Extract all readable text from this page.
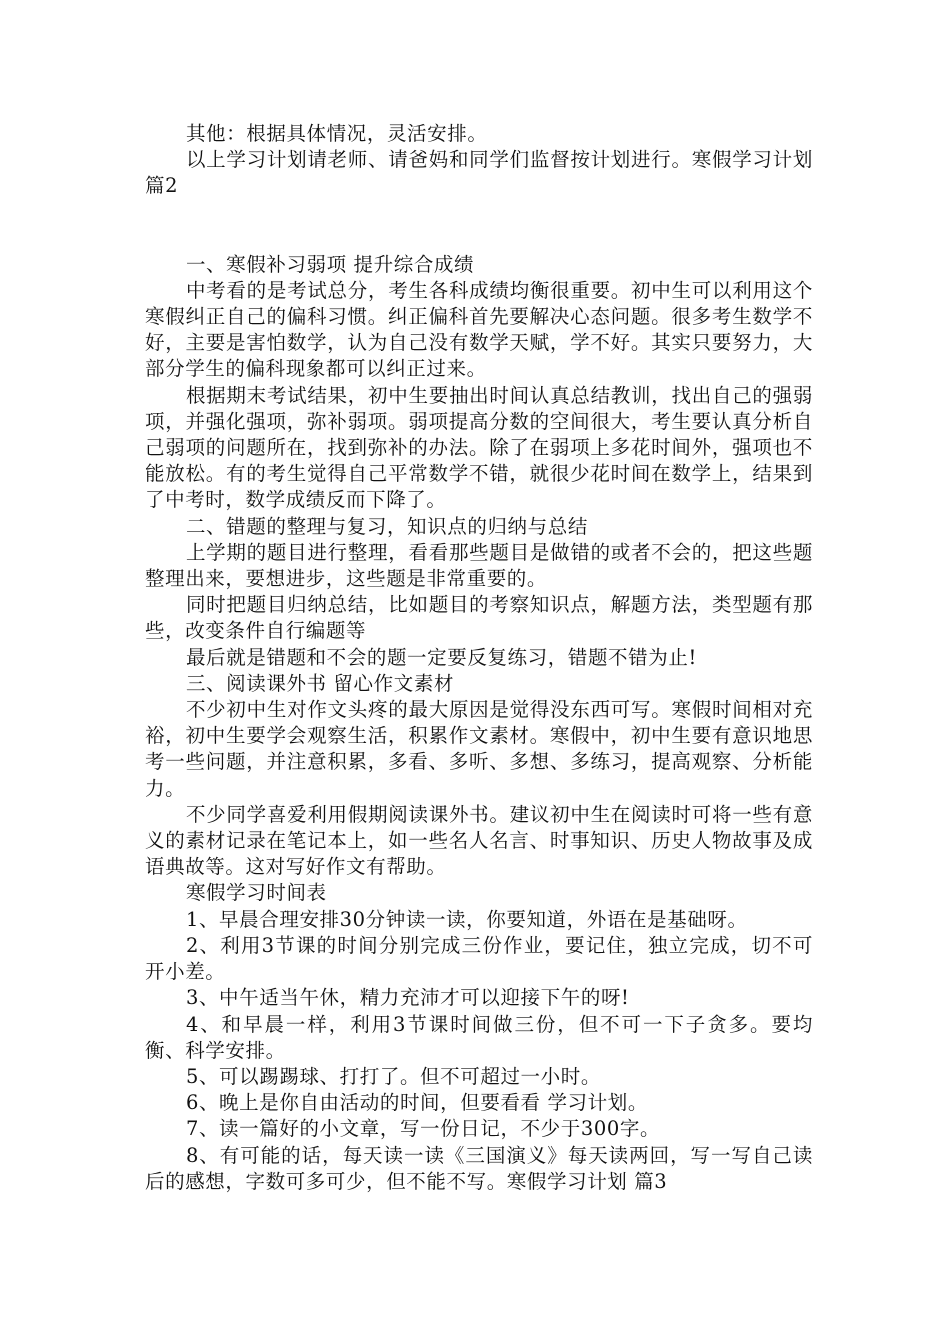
其他：根据具体情况，灵活安排。

以上学习计划请老师、请爸妈和同学们监督按计划进行。寒假学习计划 篇2

一、寒假补习弱项 提升综合成绩

中考看的是考试总分，考生各科成绩均衡很重要。初中生可以利用这个寒假纠正自己的偏科习惯。纠正偏科首先要解决心态问题。很多考生数学不好，主要是害怕数学，认为自己没有数学天赋，学不好。其实只要努力，大部分学生的偏科现象都可以纠正过来。

根据期末考试结果，初中生要抽出时间认真总结教训，找出自己的强弱项，并强化强项，弥补弱项。弱项提高分数的空间很大，考生要认真分析自己弱项的问题所在，找到弥补的办法。除了在弱项上多花时间外，强项也不能放松。有的考生觉得自己平常数学不错，就很少花时间在数学上，结果到了中考时，数学成绩反而下降了。

二、错题的整理与复习，知识点的归纳与总结

上学期的题目进行整理，看看那些题目是做错的或者不会的，把这些题整理出来，要想进步，这些题是非常重要的。

同时把题目归纳总结，比如题目的考察知识点，解题方法，类型题有那些，改变条件自行编题等

最后就是错题和不会的题一定要反复练习，错题不错为止!

三、阅读课外书 留心作文素材

不少初中生对作文头疼的最大原因是觉得没东西可写。寒假时间相对充裕，初中生要学会观察生活，积累作文素材。寒假中，初中生要有意识地思考一些问题，并注意积累，多看、多听、多想、多练习，提高观察、分析能力。

不少同学喜爱利用假期阅读课外书。建议初中生在阅读时可将一些有意义的素材记录在笔记本上，如一些名人名言、时事知识、历史人物故事及成语典故等。这对写好作文有帮助。

寒假学习时间表

1、早晨合理安排30分钟读一读，你要知道，外语在是基础呀。

2、利用3节课的时间分别完成三份作业，要记住，独立完成，切不可开小差。

3、中午适当午休，精力充沛才可以迎接下午的呀!

4、和早晨一样，利用3节课时间做三份，但不可一下子贪多。要均衡、科学安排。

5、可以踢踢球、打打了。但不可超过一小时。

6、晚上是你自由活动的时间，但要看看 学习计划。

7、读一篇好的小文章，写一份日记，不少于300字。

8、有可能的话，每天读一读《三国演义》每天读两回，写一写自己读后的感想，字数可多可少，但不能不写。寒假学习计划 篇3
